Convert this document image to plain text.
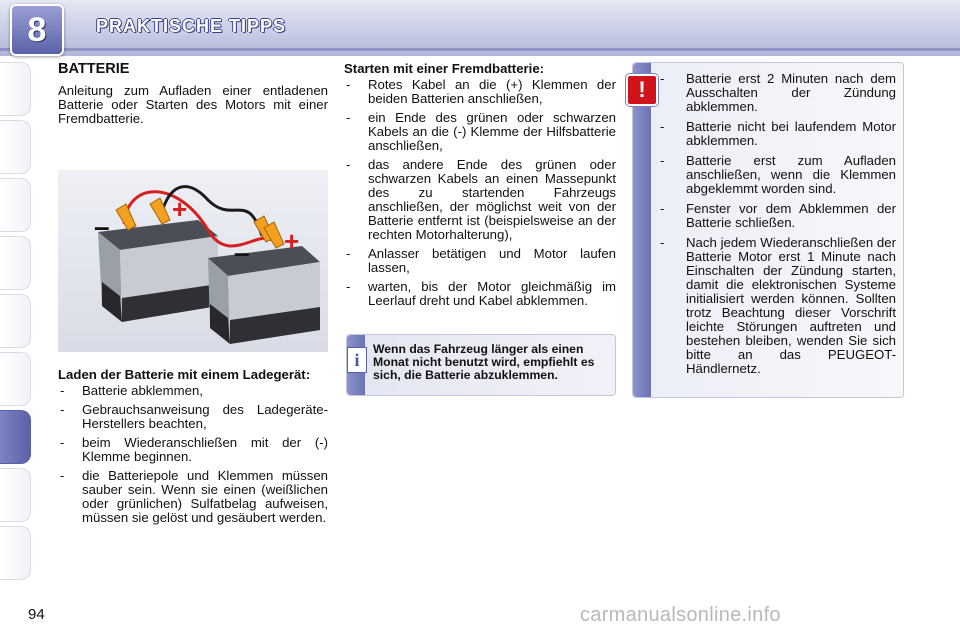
8	PRAKTISCHE TIPPS
BATTERIE

Anleitung zum Aufladen einer entladenen Batterie oder Starten des Motors mit einer Fremdbatterie.

+
–	+
–
Laden der Batterie mit einem Ladegerät:
- Batterie abklemmen,
- Gebrauchsanweisung des Ladegeräte-Herstellers beachten,
- beim Wiederanschließen mit der (-) Klemme beginnen.
- die Batteriepole und Klemmen müssen sauber sein. Wenn sie einen (weißlichen oder grünlichen) Sulfatbelag aufweisen, müssen sie gelöst und gesäubert werden.
Starten mit einer Fremdbatterie:
- Rotes Kabel an die (+) Klemmen der beiden Batterien anschließen,
- ein Ende des grünen oder schwarzen Kabels an die (-) Klemme der Hilfsbatterie anschließen,
- das andere Ende des grünen oder schwarzen Kabels an einen Massepunkt des zu startenden Fahrzeugs anschließen, der möglichst weit von der Batterie entfernt ist (beispielsweise an der rechten Motorhalterung),
- Anlasser betätigen und Motor laufen lassen,
- warten, bis der Motor gleichmäßig im Leerlauf dreht und Kabel abklemmen.
i
Wenn das Fahrzeug länger als einen Monat nicht benutzt wird, empfiehlt es sich, die Batterie abzuklemmen.
!
-	Batterie erst 2 Minuten nach dem Ausschalten der Zündung abklemmen.
- Batterie nicht bei laufendem Motor abklemmen.
- Batterie erst zum Aufladen anschließen, wenn die Klemmen abgeklemmt worden sind.
- Fenster vor dem Abklemmen der Batterie schließen.
- Nach jedem Wiederanschließen der Batterie Motor erst 1 Minute nach Einschalten der Zündung starten, damit die elektronischen Systeme initialisiert werden können. Sollten trotz Beachtung dieser Vorschrift leichte Störungen auftreten und bestehen bleiben, wenden Sie sich bitte an das PEUGEOT-Händlernetz.
94	carmanualsonline.info
